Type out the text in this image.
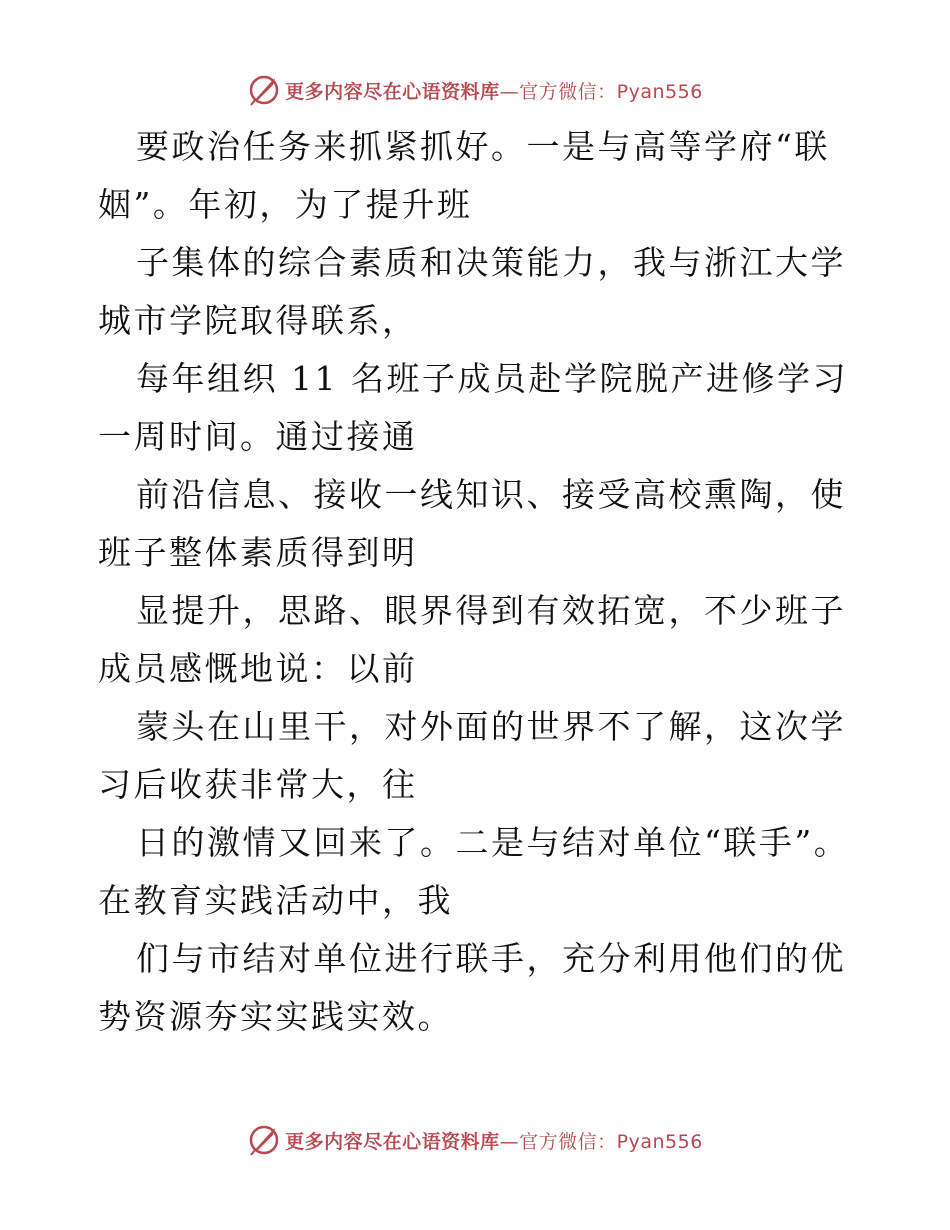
更多内容尽在心语资料库 —官方微信：Pyan556

要政治任务来抓紧抓好。一是与高等学府“联姻”。年初，为了提升班

子集体的综合素质和决策能力，我与浙江大学城市学院取得联系，

每年组织 11 名班子成员赴学院脱产进修学习一周时间。通过接通

前沿信息、接收一线知识、接受高校熏陶，使班子整体素质得到明

显提升，思路、眼界得到有效拓宽，不少班子成员感慨地说：以前

蒙头在山里干，对外面的世界不了解，这次学习后收获非常大，往

日的激情又回来了。二是与结对单位“联手”。在教育实践活动中，我

们与市结对单位进行联手，充分利用他们的优势资源夯实实践实效。

更多内容尽在心语资料库 —官方微信：Pyan556
